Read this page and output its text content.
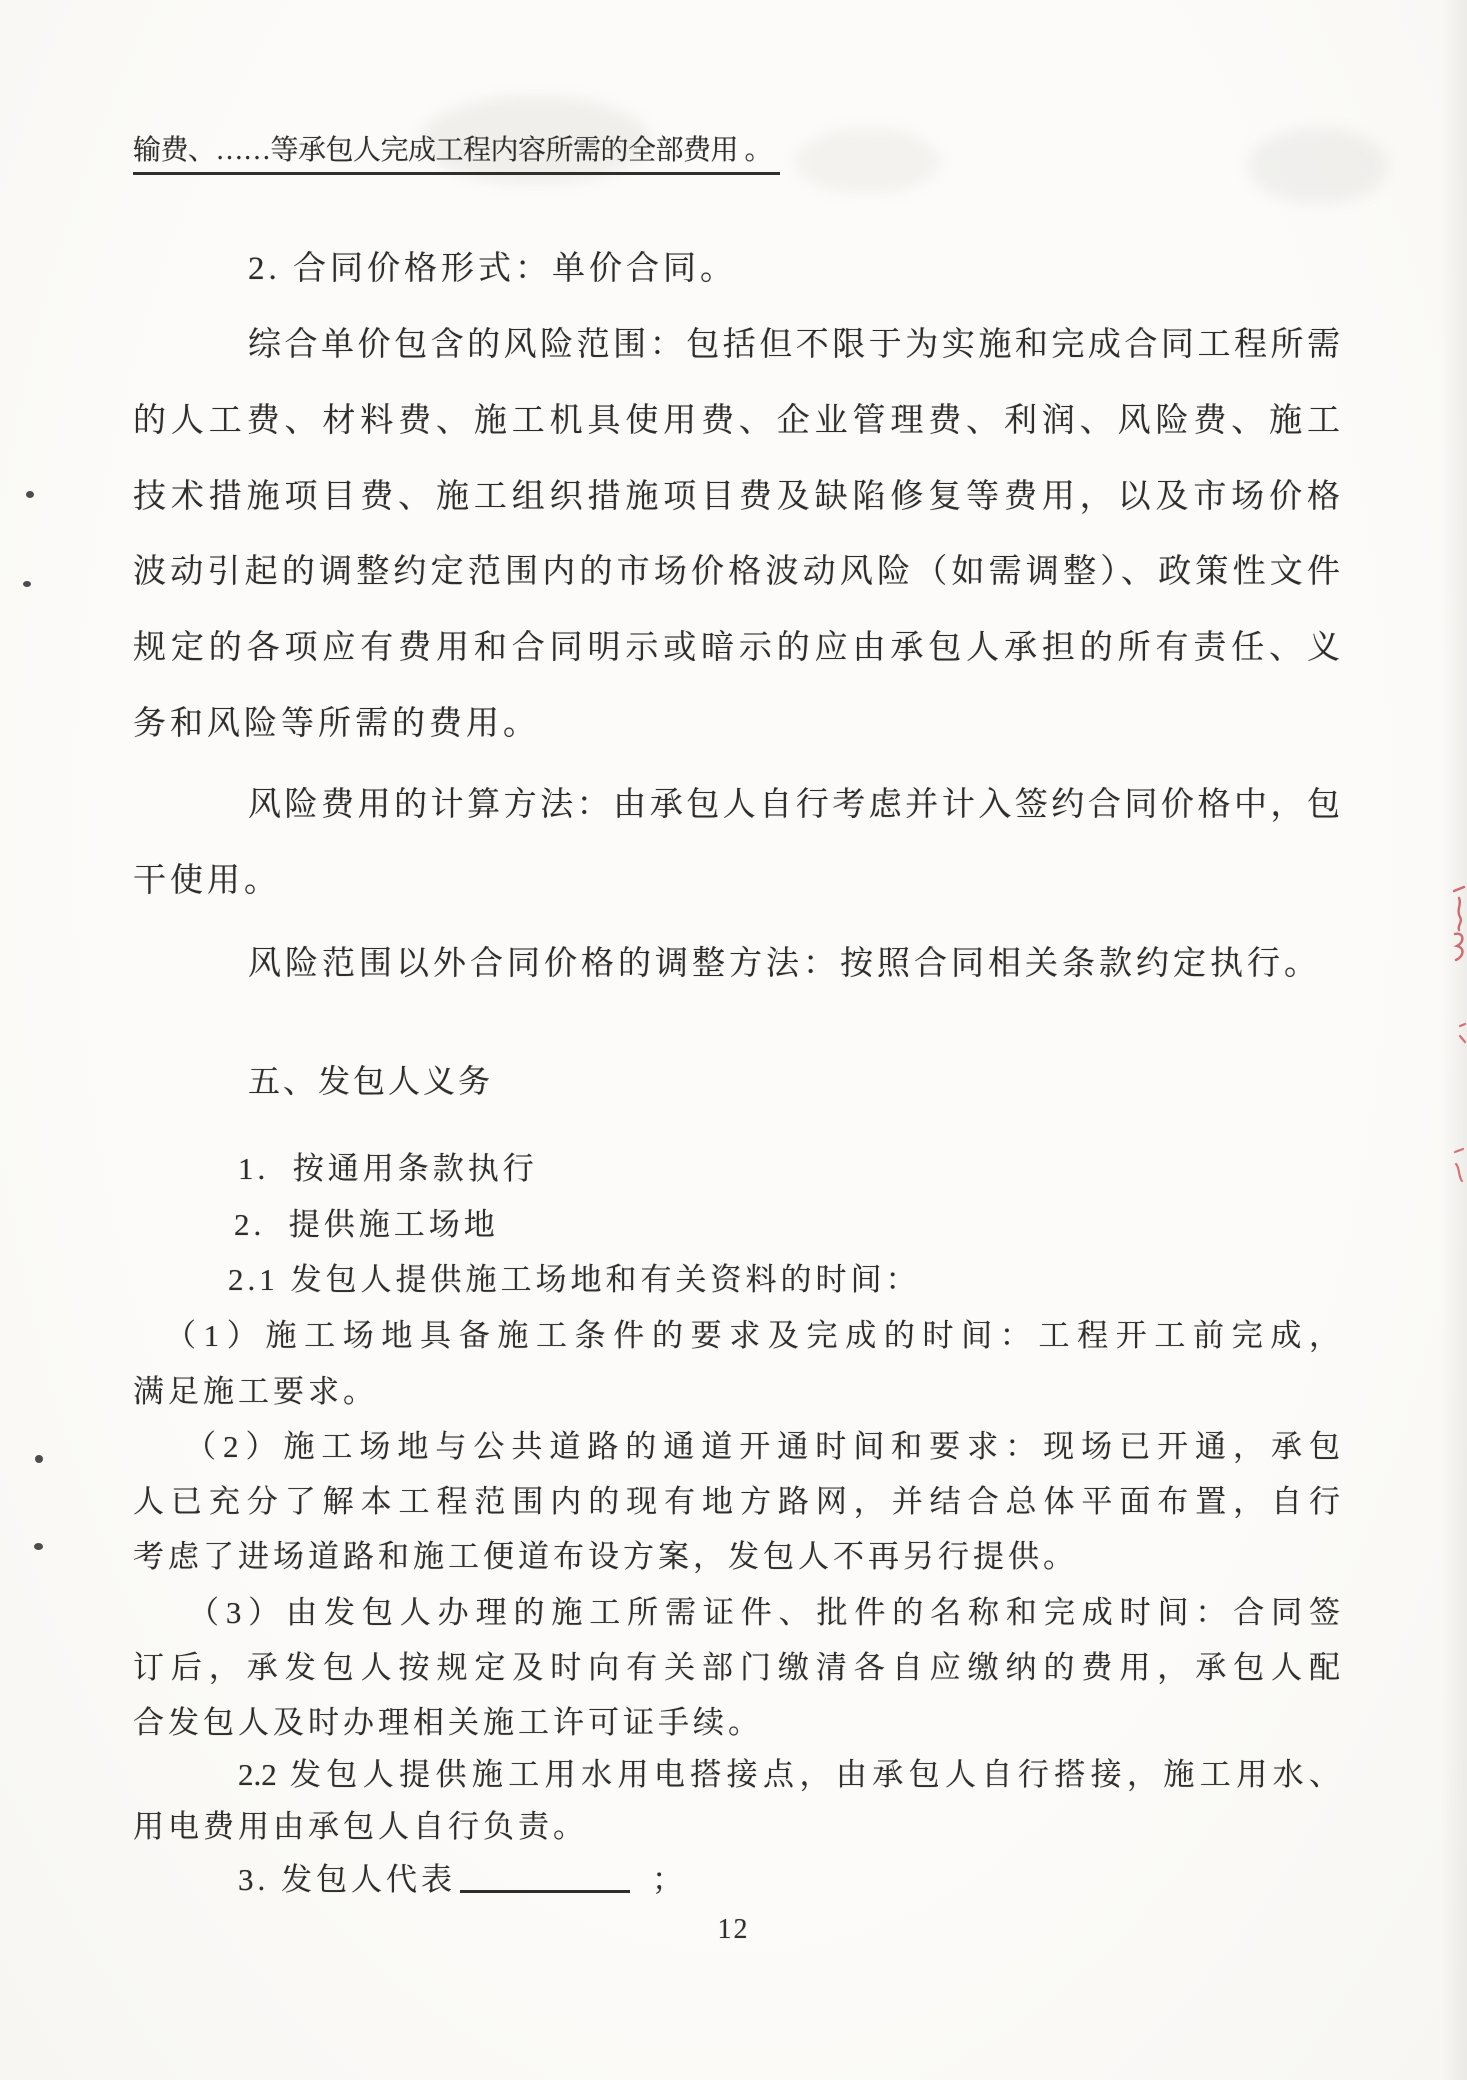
输费、……等承包人完成工程内容所需的全部费用 。
2. 合同价格形式：单价合同。
综合单价包含的风险范围：包括但不限于为实施和完成合同工程所需
的人工费、材料费、施工机具使用费、企业管理费、利润、风险费、施工
技术措施项目费、施工组织措施项目费及缺陷修复等费用，以及市场价格
波动引起的调整约定范围内的市场价格波动风险（如需调整）、政策性文件
规定的各项应有费用和合同明示或暗示的应由承包人承担的所有责任、义
务和风险等所需的费用。
风险费用的计算方法：由承包人自行考虑并计入签约合同价格中，包
干使用。
风险范围以外合同价格的调整方法：按照合同相关条款约定执行。
五、发包人义务
1.  按通用条款执行
2.  提供施工场地
2.1 发包人提供施工场地和有关资料的时间：
（1）施工场地具备施工条件的要求及完成的时间：工程开工前完成，
满足施工要求。
（2）施工场地与公共道路的通道开通时间和要求：现场已开通，承包
人已充分了解本工程范围内的现有地方路网，并结合总体平面布置，自行
考虑了进场道路和施工便道布设方案，发包人不再另行提供。
（3）由发包人办理的施工所需证件、批件的名称和完成时间：合同签
订后，承发包人按规定及时向有关部门缴清各自应缴纳的费用，承包人配
合发包人及时办理相关施工许可证手续。
2.2 发包人提供施工用水用电搭接点，由承包人自行搭接，施工用水、
用电费用由承包人自行负责。
3. 发包人代表	；
12
